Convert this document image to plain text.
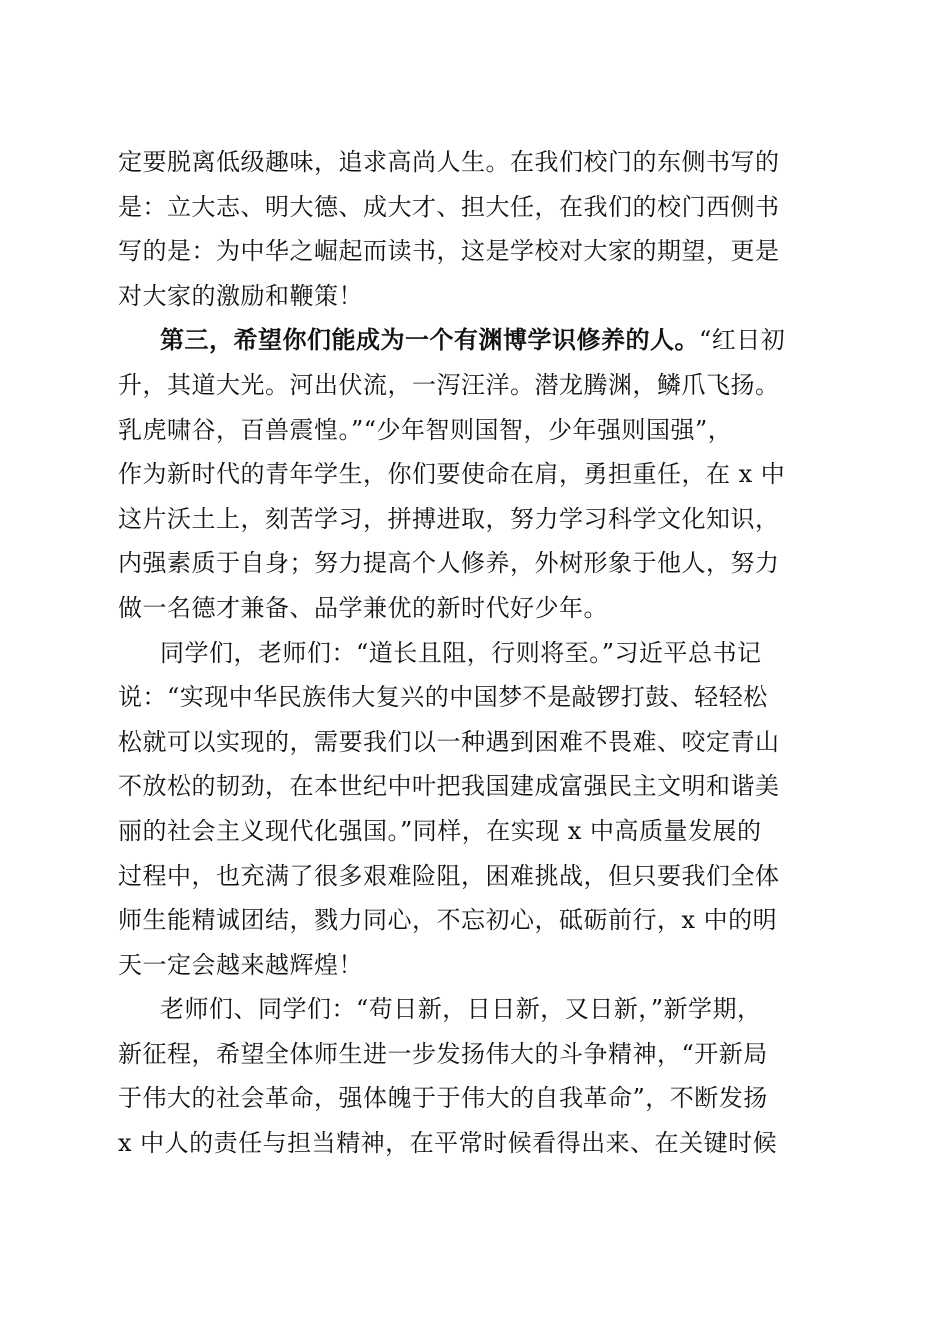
定要脱离低级趣味，追求高尚人生。在我们校门的东侧书写的
是：立大志、明大德、成大才、担大任，在我们的校门西侧书
写的是：为中华之崛起而读书，这是学校对大家的期望，更是
对大家的激励和鞭策！
第三，希望你们能成为一个有渊博学识修养的人。“红日初
升，其道大光。河出伏流，一泻汪洋。潜龙腾渊，鳞爪飞扬。
乳虎啸谷，百兽震惶。”“少年智则国智，少年强则国强”，
作为新时代的青年学生，你们要使命在肩，勇担重任，在 x 中
这片沃土上，刻苦学习，拼搏进取，努力学习科学文化知识，
内强素质于自身；努力提高个人修养，外树形象于他人，努力
做一名德才兼备、品学兼优的新时代好少年。
同学们，老师们：“道长且阻，行则将至。”习近平总书记
说：“实现中华民族伟大复兴的中国梦不是敲锣打鼓、轻轻松
松就可以实现的，需要我们以一种遇到困难不畏难、咬定青山
不放松的韧劲，在本世纪中叶把我国建成富强民主文明和谐美
丽的社会主义现代化强国。”同样，在实现 x 中高质量发展的
过程中，也充满了很多艰难险阻，困难挑战，但只要我们全体
师生能精诚团结，戮力同心，不忘初心，砥砺前行，x 中的明
天一定会越来越辉煌！
老师们、同学们：“苟日新，日日新，又日新，”新学期，
新征程，希望全体师生进一步发扬伟大的斗争精神，“开新局
于伟大的社会革命，强体魄于于伟大的自我革命”，不断发扬
x 中人的责任与担当精神，在平常时候看得出来、在关键时候
